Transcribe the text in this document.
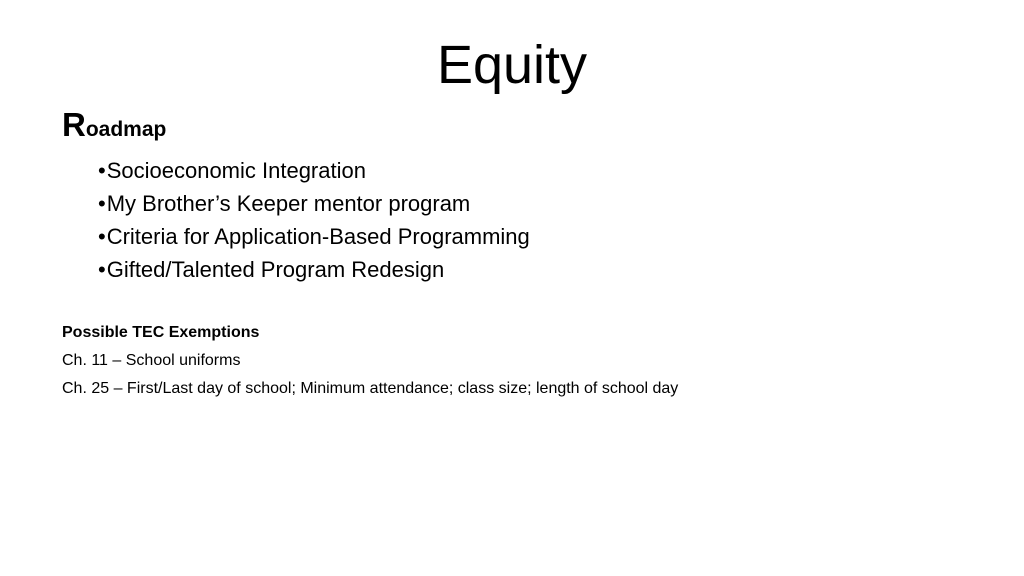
Equity
Roadmap
•Socioeconomic Integration
•My Brother’s Keeper mentor program
•Criteria for Application-Based Programming
•Gifted/Talented Program Redesign
Possible TEC Exemptions
Ch. 11 – School uniforms
Ch. 25 – First/Last day of school; Minimum attendance; class size; length of school day
